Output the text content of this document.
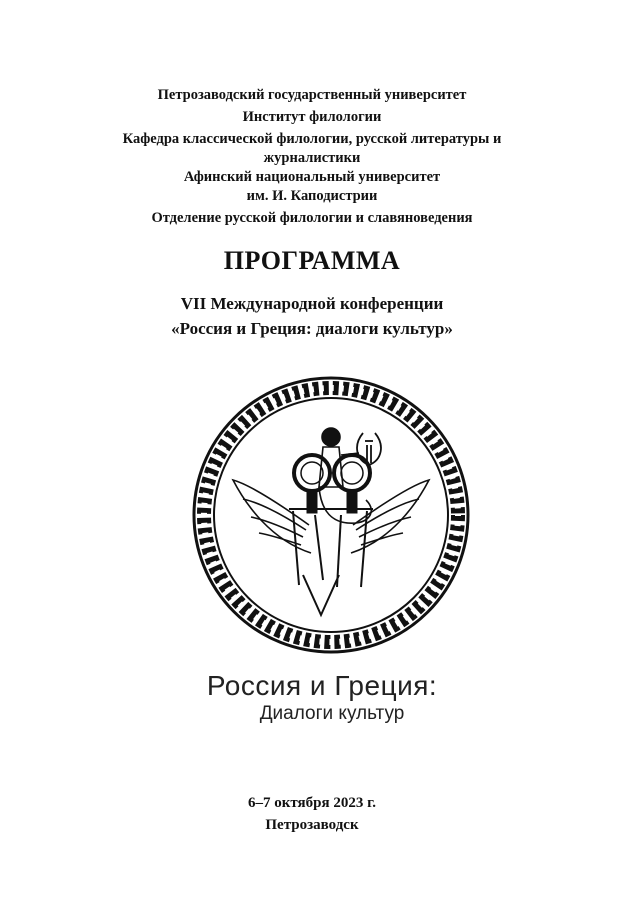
Петрозаводский государственный университет
Институт филологии
Кафедра классической филологии, русской литературы и журналистики
Афинский национальный университет
им. И. Каподистрии
Отделение русской филологии и славяноведения
ПРОГРАММА
VII Международной конференции
«Россия и Греция: диалоги культур»
Россия и Греция:
Диалоги культур
6–7 октября 2023 г.
Петрозаводск
